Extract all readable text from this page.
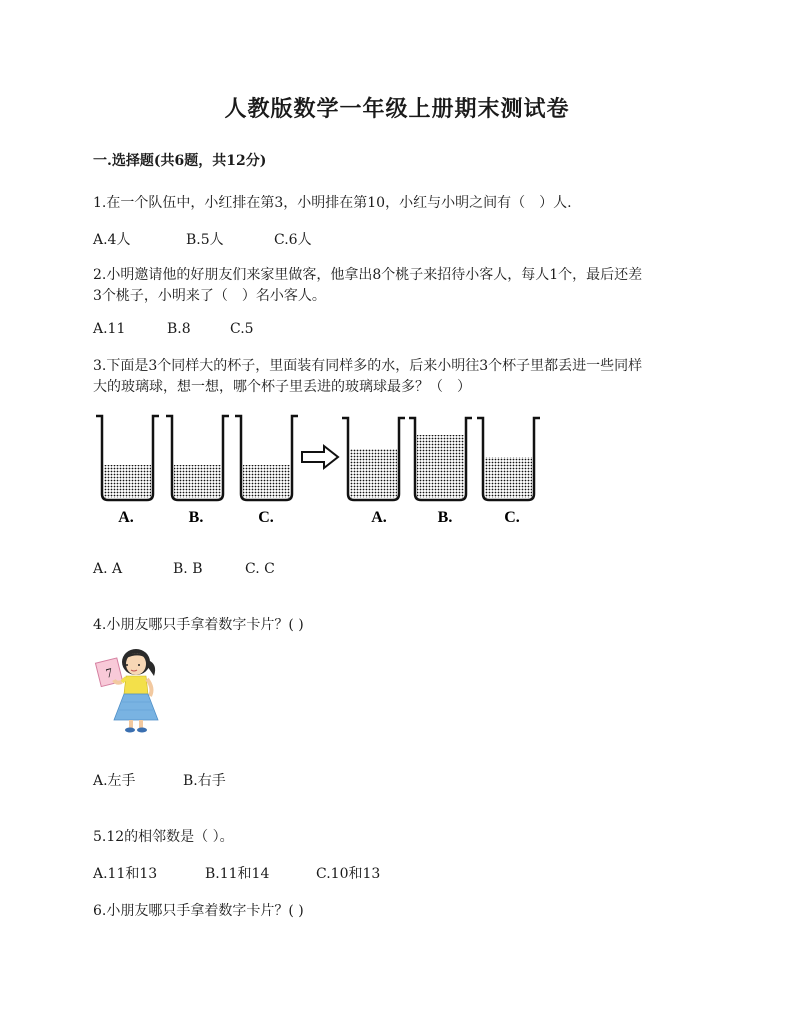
人教版数学一年级上册期末测试卷
一.选择题(共6题，共12分)
1.在一个队伍中，小红排在第3，小明排在第10，小红与小明之间有（　）人.
A.4人	B.5人	C.6人
2.小明邀请他的好朋友们来家里做客，他拿出8个桃子来招待小客人，每人1个，最后还差
3个桃子，小明来了（　）名小客人。
A.11	B.8	C.5
3.下面是3个同样大的杯子，里面装有同样多的水，后来小明往3个杯子里都丢进一些同样
大的玻璃球，想一想，哪个杯子里丢进的玻璃球最多？（　）
A.	B.	C.	A.	B.	C.
A. A	B. B	C. C
4.小朋友哪只手拿着数字卡片？( )
7
A.左手	B.右手
5.12的相邻数是（ ）。
A.11和13	B.11和14	C.10和13
6.小朋友哪只手拿着数字卡片？( )
